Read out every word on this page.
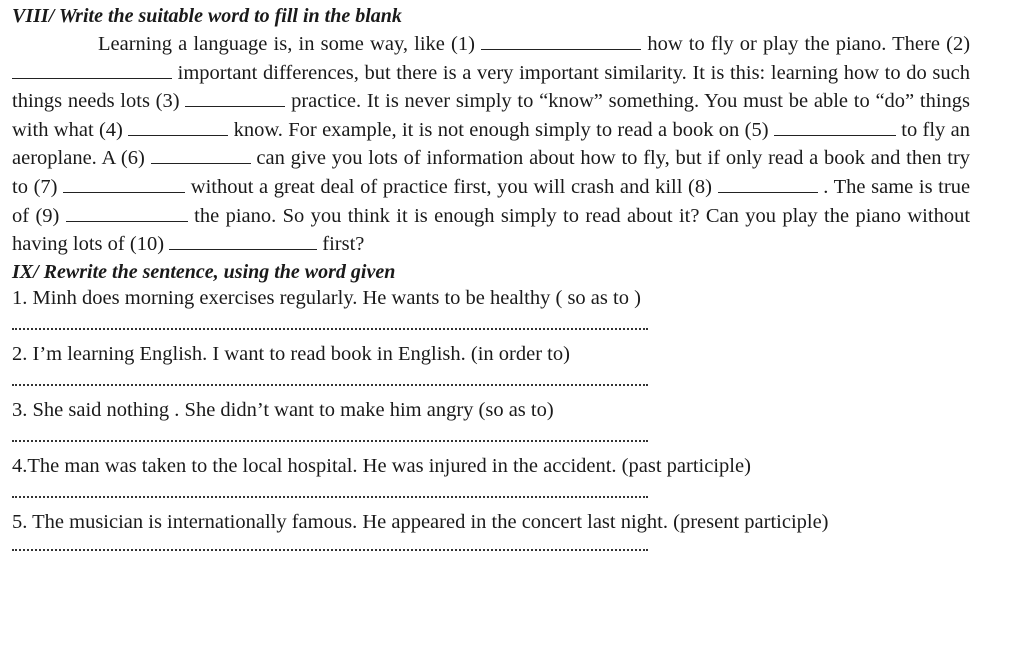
VIII/ Write the suitable word to fill in the blank

Learning a language is, in some way, like (1)	how to fly or play the piano. There (2)  important differences, but there is a very important similarity. It is this: learning how to do such things needs lots (3)	practice. It is never simply to “know” something. You must be able to “do” things with what (4)	know. For example, it is not enough simply to read a book on (5)	to fly an aeroplane. A (6)	can give you lots of information about how to fly, but if only read a book and then try to (7)	without a great deal of practice first, you will crash and kill (8)	. The same is true of (9)	the piano. So you think it is enough simply to read about it? Can you play the piano without having lots of (10)	first?

IX/ Rewrite the sentence, using the word given

1. Minh does morning exercises regularly. He wants to be healthy ( so as to )

2. I’m learning English. I want to read book in English. (in order to)

3. She said nothing . She didn’t want to make him angry (so as to)

4.The man was taken to the local hospital. He was injured in the accident. (past participle)

5. The musician is internationally famous. He appeared in the concert last night. (present participle)
